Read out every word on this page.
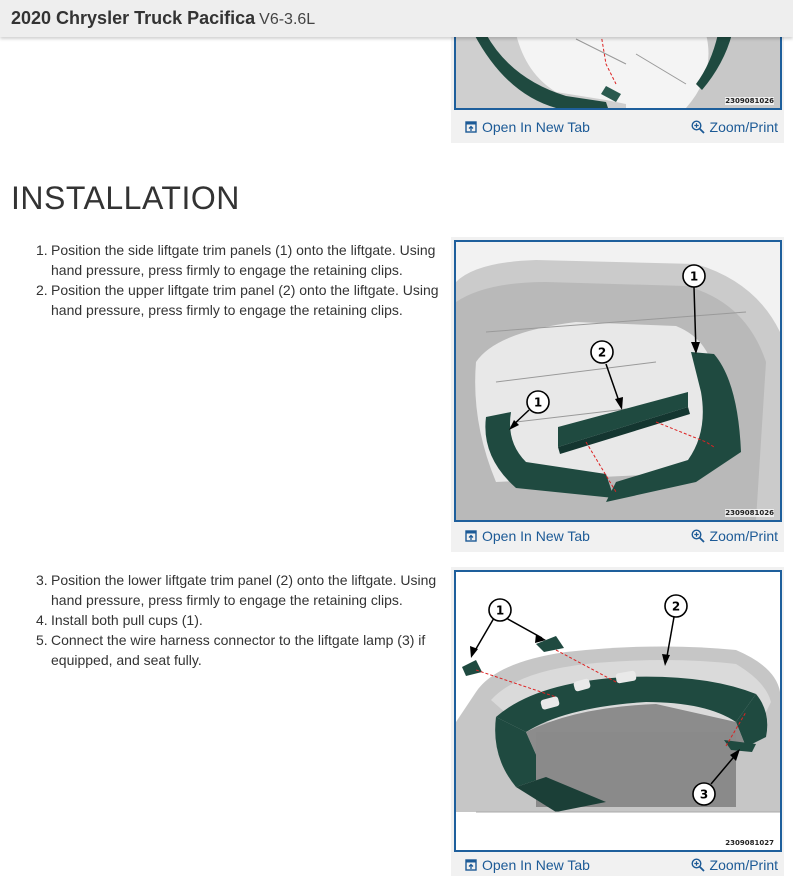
2020 Chrysler Truck Pacifica V6-3.6L
2309081026
Open In New Tab	Zoom/Print
INSTALLATION
1. Position the side liftgate trim panels (1) onto the liftgate. Using hand pressure, press firmly to engage the retaining clips.
2. Position the upper liftgate trim panel (2) onto the liftgate. Using hand pressure, press firmly to engage the retaining clips.
1
2
1
2309081026
Open In New Tab	Zoom/Print
3. Position the lower liftgate trim panel (2) onto the liftgate. Using hand pressure, press firmly to engage the retaining clips.
4. Install both pull cups (1).
5. Connect the wire harness connector to the liftgate lamp (3) if equipped, and seat fully.
1	2
3
2309081027
Open In New Tab	Zoom/Print
